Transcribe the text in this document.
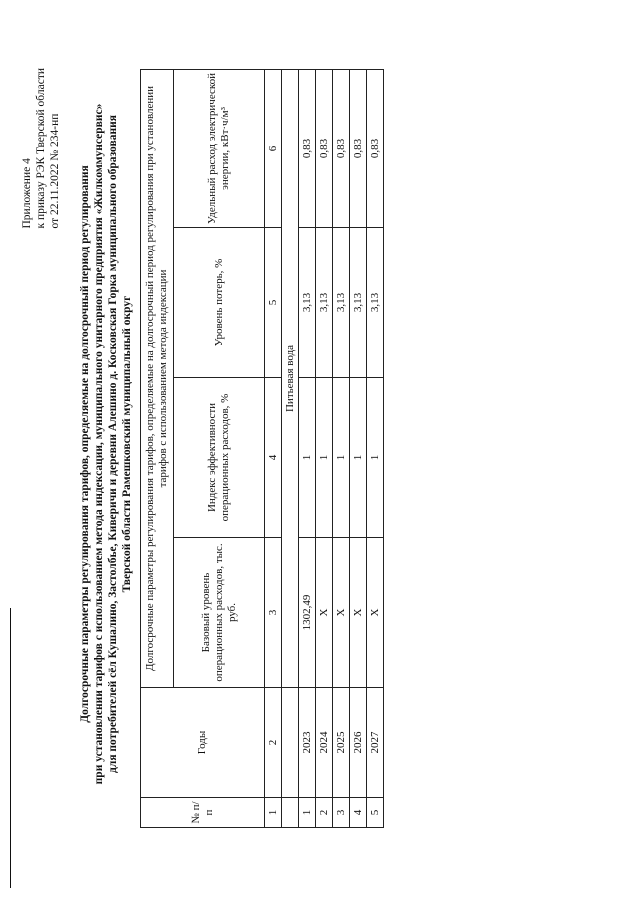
Приложение 4 к приказу РЭК Тверской области от 22.11.2022 № 234-нп Долгосрочные параметры регулирования тарифов, определяемые на долгосрочный период регулирования при установлении тарифов с использованием метода индексации, муниципального унитарного предприятия «Жилкоммунсервис» для потребителей сёл Кушалино, Застолбье, Киверичи и деревни Алешино д. Косковская Горка муниципального образования Тверской области Рамешковский муниципальный округ
№ п/п	Годы	Долгосрочные параметры регулирования тарифов, определяемые на долгосрочный период регулирования при установлении тарифов с использованием метода индексации			
		Базовый уровень операционных расходов, тыс. руб.	Индекс эффективности операционных расходов, %	Уровень потерь, %	Удельный расход электрической энергии, кВт·ч/м³
1	2	3	4	5	6
		Питьевая вода			
1	2023	1302,49	1	3,13	0,83
2	2024	X	1	3,13	0,83
3	2025	X	1	3,13	0,83
4	2026	X	1	3,13	0,83
5	2027	X	1	3,13	0,83
